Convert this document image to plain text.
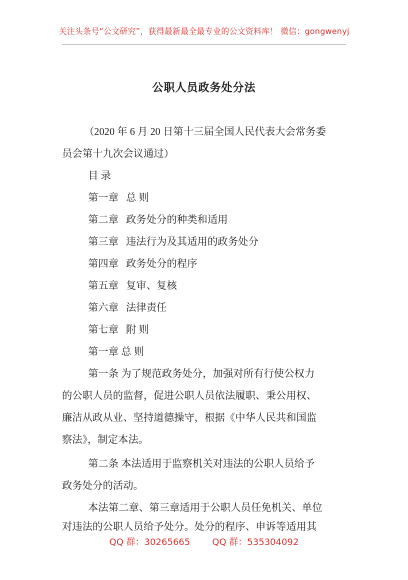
关注头条号“公文研究”，获得最新最全最专业的公文资料库！ 微信：gongwenyj
公职人员政务处分法
（2020 年 6 月 20 日第十三届全国人民代表大会常务委
员会第十九次会议通过）
目 录
第一章 总 则
第二章 政务处分的种类和适用
第三章 违法行为及其适用的政务处分
第四章 政务处分的程序
第五章 复审、复核
第六章 法律责任
第七章 附 则
第一章 总 则
第一条 为了规范政务处分，加强对所有行使公权力
的公职人员的监督，促进公职人员依法履职、秉公用权、
廉洁从政从业、坚持道德操守，根据《中华人民共和国监
察法》，制定本法。
第二条 本法适用于监察机关对违法的公职人员给予
政务处分的活动。
本法第二章、第三章适用于公职人员任免机关、单位
对违法的公职人员给予处分。处分的程序、申诉等适用其
QQ 群：30265665 QQ 群：535304092
